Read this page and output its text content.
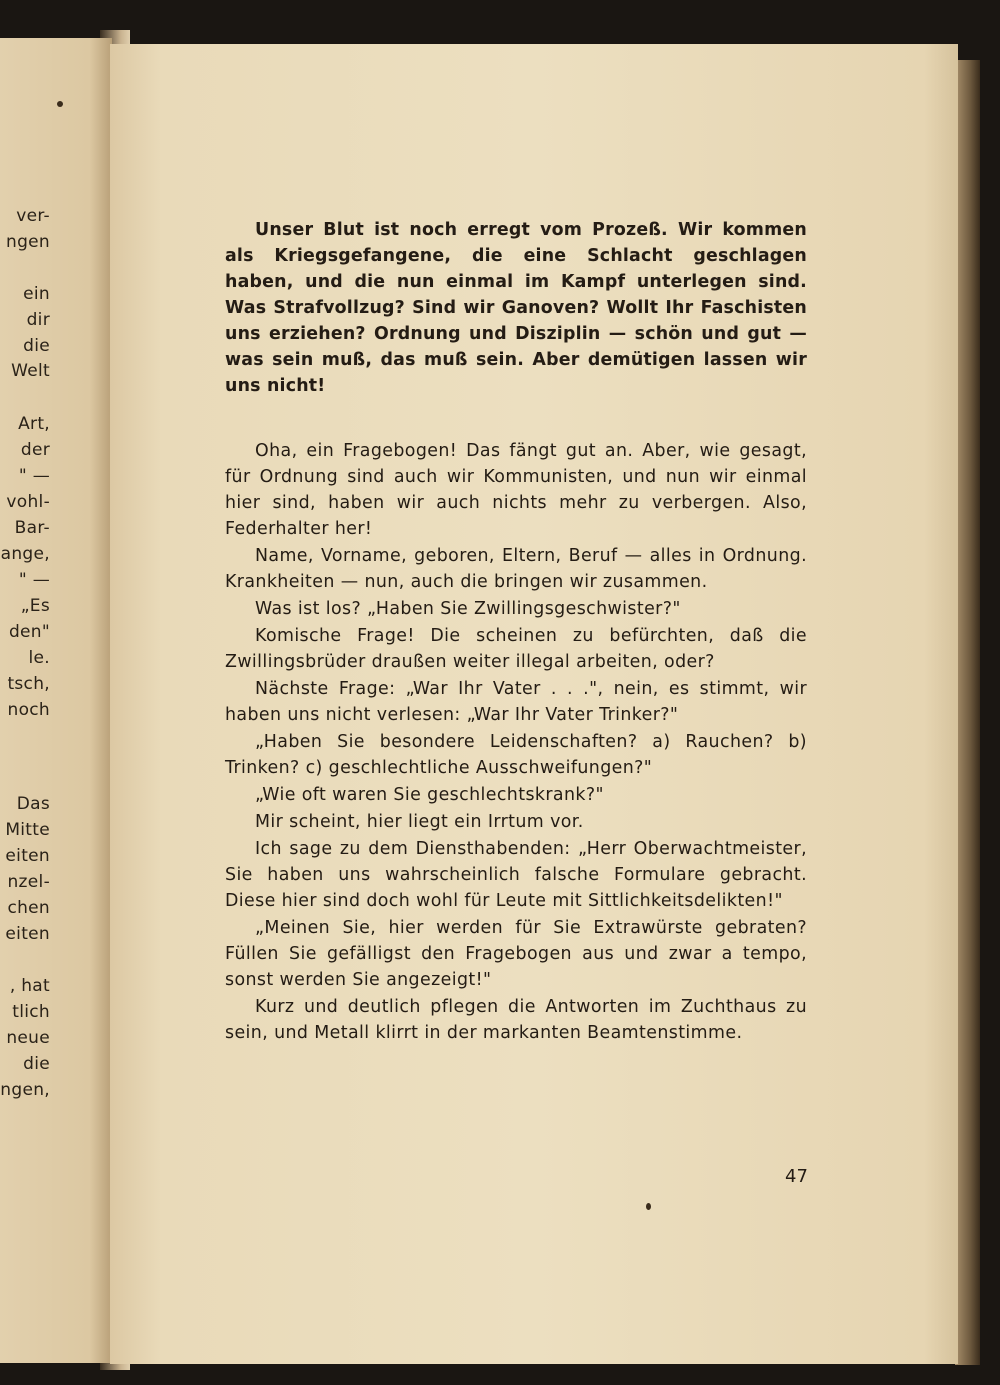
ver-
ngen
ein
dir
die
Welt
Art,
der
" —
vohl-
Bar-
ange,
" —
„Es
den"
le.
tsch,
noch
Das
Mitte
eiten
nzel-
chen
eiten
, hat
tlich
neue
die
ngen,

Unser Blut ist noch erregt vom Prozeß. Wir kommen als Kriegsgefangene, die eine Schlacht geschlagen haben, und die nun einmal im Kampf unterlegen sind. Was Strafvollzug? Sind wir Ganoven? Wollt Ihr Faschisten uns erziehen? Ordnung und Disziplin — schön und gut — was sein muß, das muß sein. Aber demütigen lassen wir uns nicht!

Oha, ein Fragebogen! Das fängt gut an. Aber, wie gesagt, für Ordnung sind auch wir Kommunisten, und nun wir einmal hier sind, haben wir auch nichts mehr zu verbergen. Also, Federhalter her!

Name, Vorname, geboren, Eltern, Beruf — alles in Ordnung. Krankheiten — nun, auch die bringen wir zusammen.

Was ist los? „Haben Sie Zwillingsgeschwister?"

Komische Frage! Die scheinen zu befürchten, daß die Zwillingsbrüder draußen weiter illegal arbeiten, oder?

Nächste Frage: „War Ihr Vater . . .", nein, es stimmt, wir haben uns nicht verlesen: „War Ihr Vater Trinker?"

„Haben Sie besondere Leidenschaften? a) Rauchen? b) Trinken? c) geschlechtliche Ausschweifungen?"

„Wie oft waren Sie geschlechtskrank?"

Mir scheint, hier liegt ein Irrtum vor.

Ich sage zu dem Diensthabenden: „Herr Oberwachtmeister, Sie haben uns wahrscheinlich falsche Formulare gebracht. Diese hier sind doch wohl für Leute mit Sittlichkeitsdelikten!"

„Meinen Sie, hier werden für Sie Extrawürste gebraten? Füllen Sie gefälligst den Fragebogen aus und zwar a tempo, sonst werden Sie angezeigt!"

Kurz und deutlich pflegen die Antworten im Zuchthaus zu sein, und Metall klirrt in der markanten Beamtenstimme.

47
